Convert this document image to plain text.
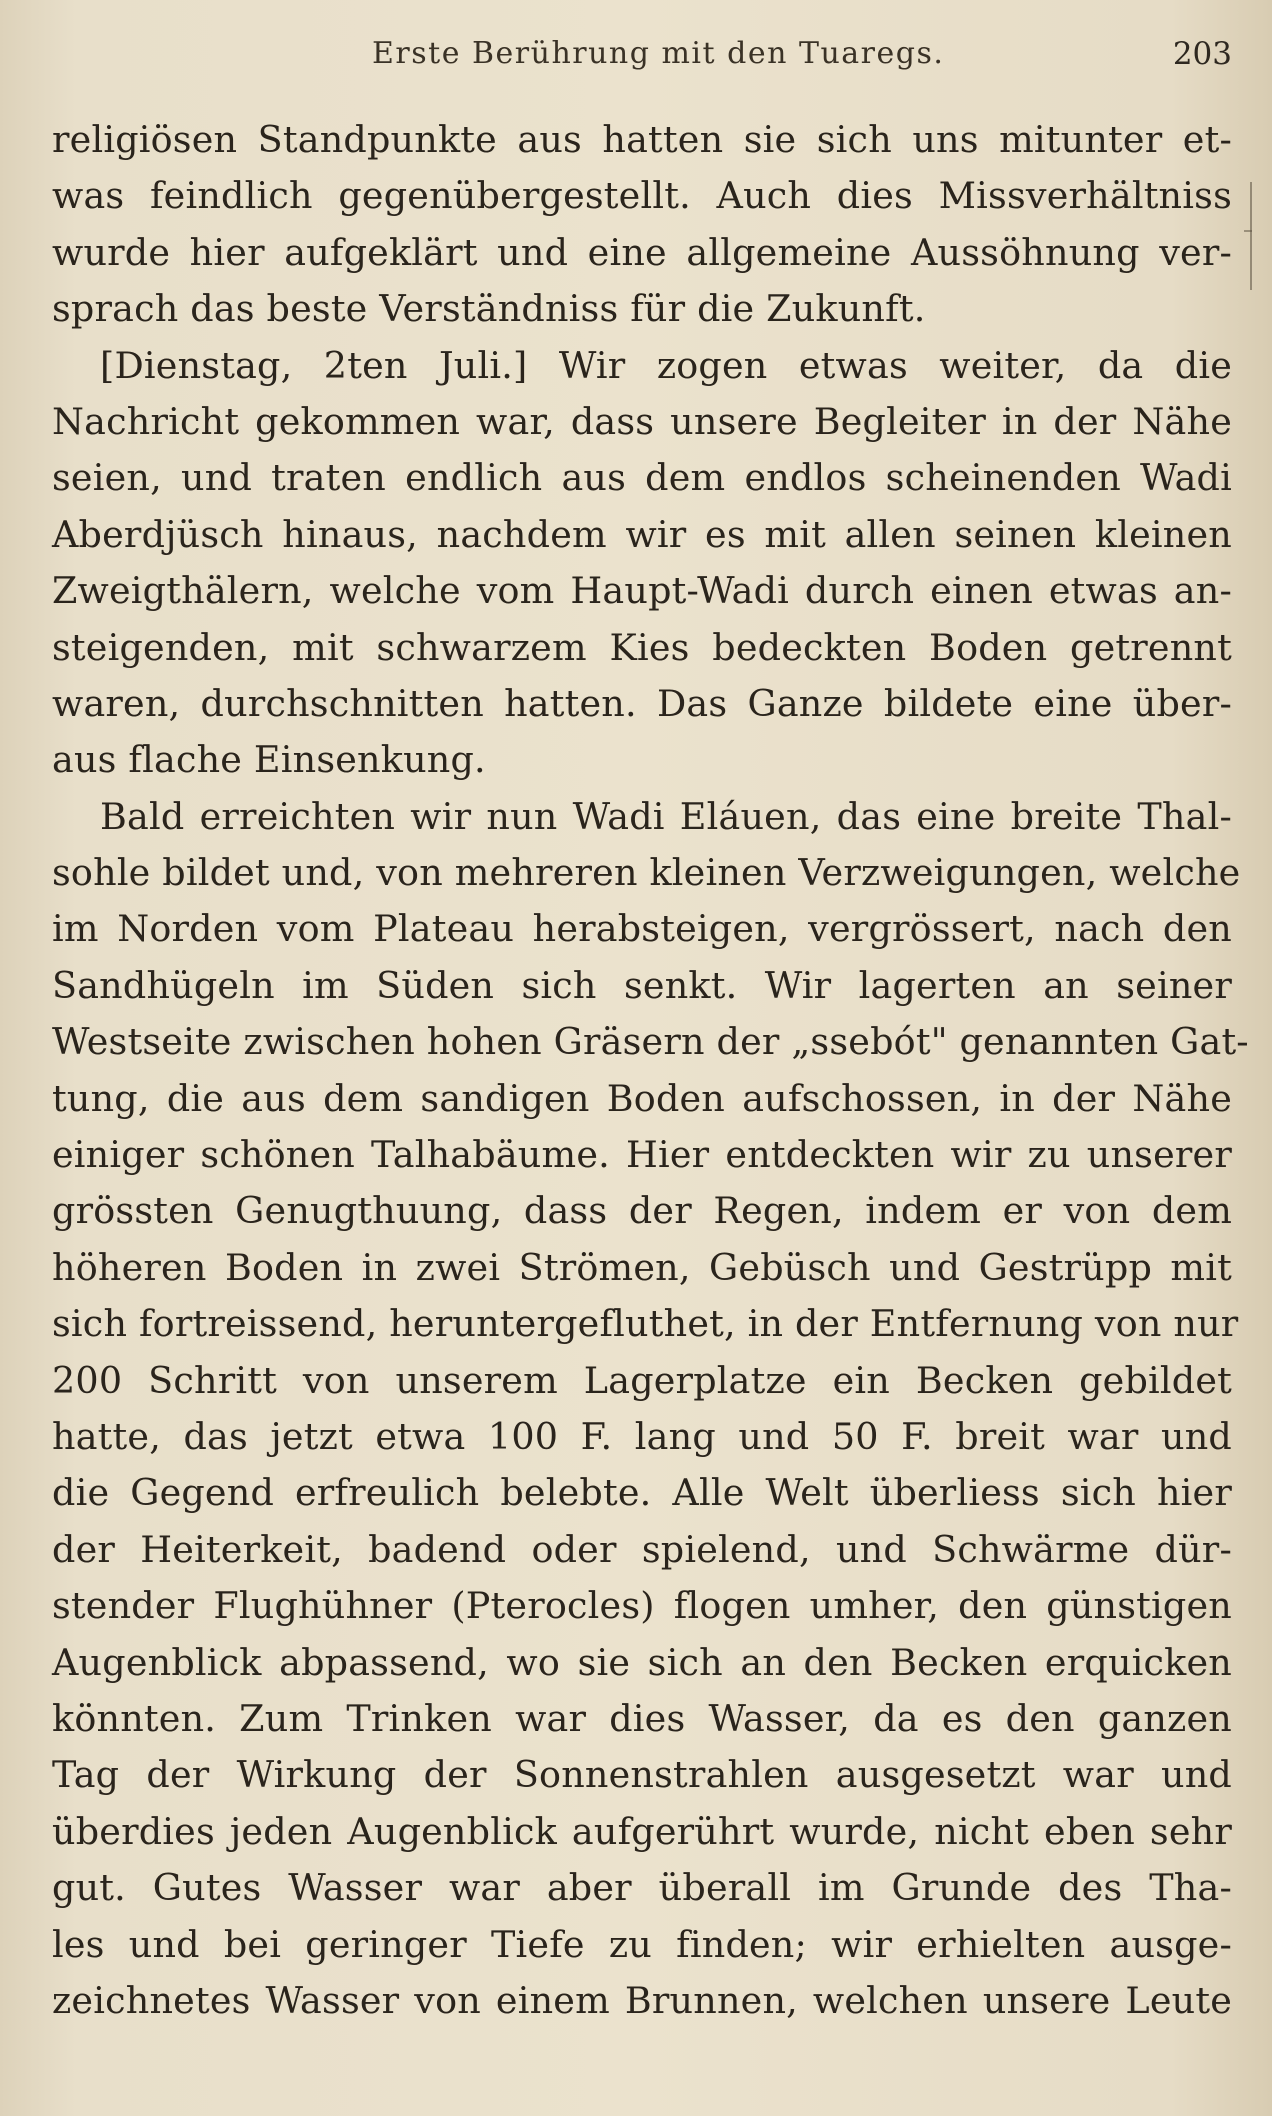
Erste Berührung mit den Tuaregs.	203
religiösen Standpunkte aus hatten sie sich uns mitunter et-
was feindlich gegenübergestellt. Auch dies Missverhältniss
wurde hier aufgeklärt und eine allgemeine Aussöhnung ver-
sprach das beste Verständniss für die Zukunft.
[Dienstag, 2ten Juli.] Wir zogen etwas weiter, da die
Nachricht gekommen war, dass unsere Begleiter in der Nähe
seien, und traten endlich aus dem endlos scheinenden Wadi
Aberdjüsch hinaus, nachdem wir es mit allen seinen kleinen
Zweigthälern, welche vom Haupt-Wadi durch einen etwas an-
steigenden, mit schwarzem Kies bedeckten Boden getrennt
waren, durchschnitten hatten. Das Ganze bildete eine über-
aus flache Einsenkung.
Bald erreichten wir nun Wadi Eláuen, das eine breite Thal-
sohle bildet und, von mehreren kleinen Verzweigungen, welche
im Norden vom Plateau herabsteigen, vergrössert, nach den
Sandhügeln im Süden sich senkt. Wir lagerten an seiner
Westseite zwischen hohen Gräsern der „ssebót" genannten Gat-
tung, die aus dem sandigen Boden aufschossen, in der Nähe
einiger schönen Talhabäume. Hier entdeckten wir zu unserer
grössten Genugthuung, dass der Regen, indem er von dem
höheren Boden in zwei Strömen, Gebüsch und Gestrüpp mit
sich fortreissend, heruntergefluthet, in der Entfernung von nur
200 Schritt von unserem Lagerplatze ein Becken gebildet
hatte, das jetzt etwa 100 F. lang und 50 F. breit war und
die Gegend erfreulich belebte. Alle Welt überliess sich hier
der Heiterkeit, badend oder spielend, und Schwärme dür-
stender Flughühner (Pterocles) flogen umher, den günstigen
Augenblick abpassend, wo sie sich an den Becken erquicken
könnten. Zum Trinken war dies Wasser, da es den ganzen
Tag der Wirkung der Sonnenstrahlen ausgesetzt war und
überdies jeden Augenblick aufgerührt wurde, nicht eben sehr
gut. Gutes Wasser war aber überall im Grunde des Tha-
les und bei geringer Tiefe zu finden; wir erhielten ausge-
zeichnetes Wasser von einem Brunnen, welchen unsere Leute
